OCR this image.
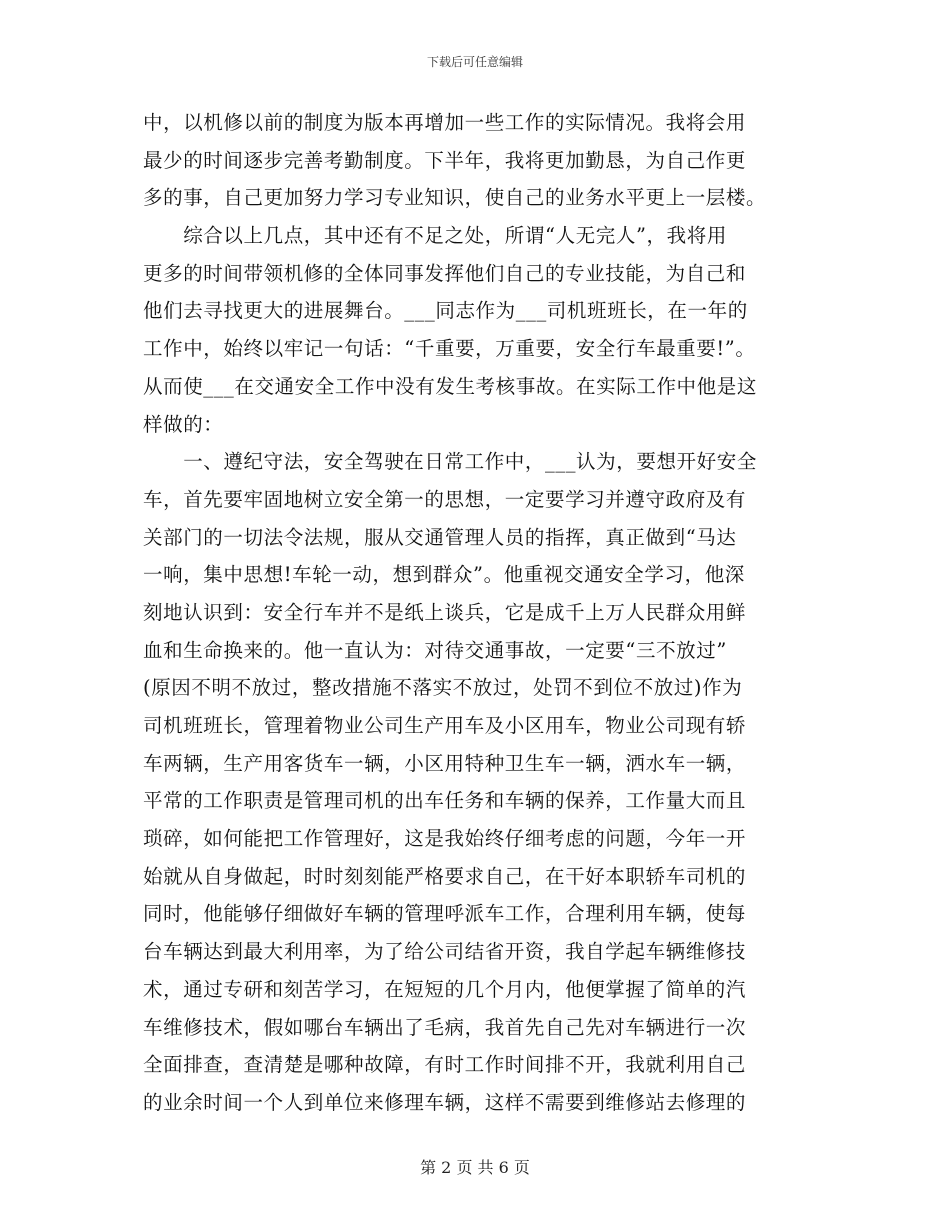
下载后可任意编辑
中，以机修以前的制度为版本再增加一些工作的实际情况。我将会用
最少的时间逐步完善考勤制度。下半年，我将更加勤恳，为自己作更
多的事，自己更加努力学习专业知识，使自己的业务水平更上一层楼。
　　综合以上几点，其中还有不足之处，所谓“人无完人”，我将用
更多的时间带领机修的全体同事发挥他们自己的专业技能，为自己和
他们去寻找更大的进展舞台。___同志作为___司机班班长，在一年的
工作中，始终以牢记一句话：“千重要，万重要，安全行车最重要!”。
从而使___在交通安全工作中没有发生考核事故。在实际工作中他是这
样做的：
　　一、遵纪守法，安全驾驶在日常工作中，___认为，要想开好安全
车，首先要牢固地树立安全第一的思想，一定要学习并遵守政府及有
关部门的一切法令法规，服从交通管理人员的指挥，真正做到“马达
一响，集中思想!车轮一动，想到群众”。他重视交通安全学习，他深
刻地认识到：安全行车并不是纸上谈兵，它是成千上万人民群众用鲜
血和生命换来的。他一直认为：对待交通事故，一定要“三不放过”
(原因不明不放过，整改措施不落实不放过，处罚不到位不放过)作为
司机班班长，管理着物业公司生产用车及小区用车，物业公司现有轿
车两辆，生产用客货车一辆，小区用特种卫生车一辆，洒水车一辆，
平常的工作职责是管理司机的出车任务和车辆的保养，工作量大而且
琐碎，如何能把工作管理好，这是我始终仔细考虑的问题，今年一开
始就从自身做起，时时刻刻能严格要求自己，在干好本职轿车司机的
同时，他能够仔细做好车辆的管理呼派车工作，合理利用车辆，使每
台车辆达到最大利用率，为了给公司结省开资，我自学起车辆维修技
术，通过专研和刻苦学习，在短短的几个月内，他便掌握了简单的汽
车维修技术，假如哪台车辆出了毛病，我首先自己先对车辆进行一次
全面排查，查清楚是哪种故障，有时工作时间排不开，我就利用自己
的业余时间一个人到单位来修理车辆，这样不需要到维修站去修理的
第 2 页 共 6 页
